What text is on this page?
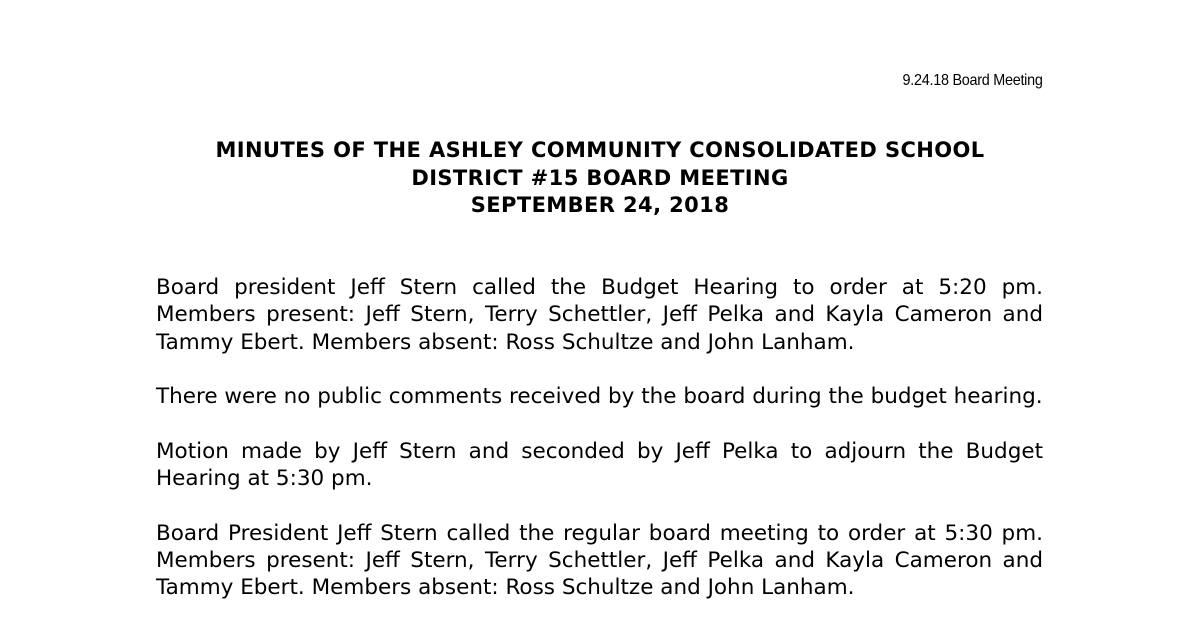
9.24.18 Board Meeting
MINUTES OF THE ASHLEY COMMUNITY CONSOLIDATED SCHOOL
DISTRICT #15 BOARD MEETING
SEPTEMBER 24, 2018

Board president Jeff Stern called the Budget Hearing to order at 5:20 pm. Members present: Jeff Stern, Terry Schettler, Jeff Pelka and Kayla Cameron and Tammy Ebert. Members absent: Ross Schultze and John Lanham.

There were no public comments received by the board during the budget hearing.

Motion made by Jeff Stern and seconded by Jeff Pelka to adjourn the Budget Hearing at 5:30 pm.

Board President Jeff Stern called the regular board meeting to order at 5:30 pm. Members present: Jeff Stern, Terry Schettler, Jeff Pelka and Kayla Cameron and Tammy Ebert. Members absent: Ross Schultze and John Lanham.
